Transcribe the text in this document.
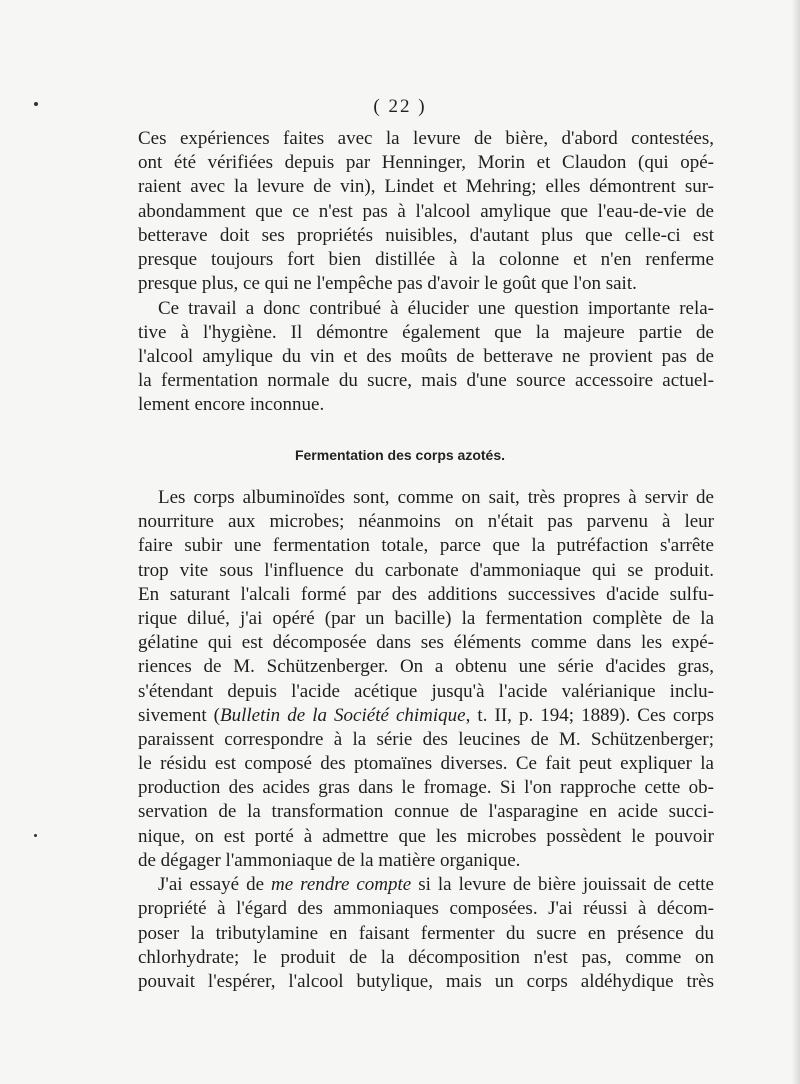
( 22 )
Ces expériences faites avec la levure de bière, d'abord contestées,
ont été vérifiées depuis par Henninger, Morin et Claudon (qui opé-
raient avec la levure de vin), Lindet et Mehring; elles démontrent sur-
abondamment que ce n'est pas à l'alcool amylique que l'eau-de-vie de
betterave doit ses propriétés nuisibles, d'autant plus que celle-ci est
presque toujours fort bien distillée à la colonne et n'en renferme
presque plus, ce qui ne l'empêche pas d'avoir le goût que l'on sait.
Ce travail a donc contribué à élucider une question importante rela-
tive à l'hygiène. Il démontre également que la majeure partie de
l'alcool amylique du vin et des moûts de betterave ne provient pas de
la fermentation normale du sucre, mais d'une source accessoire actuel-
lement encore inconnue.
Fermentation des corps azotés.
Les corps albuminoïdes sont, comme on sait, très propres à servir de
nourriture aux microbes; néanmoins on n'était pas parvenu à leur
faire subir une fermentation totale, parce que la putréfaction s'arrête
trop vite sous l'influence du carbonate d'ammoniaque qui se produit.
En saturant l'alcali formé par des additions successives d'acide sulfu-
rique dilué, j'ai opéré (par un bacille) la fermentation complète de la
gélatine qui est décomposée dans ses éléments comme dans les expé-
riences de M. Schützenberger. On a obtenu une série d'acides gras,
s'étendant depuis l'acide acétique jusqu'à l'acide valérianique inclu-
sivement (Bulletin de la Société chimique, t. II, p. 194; 1889). Ces corps
paraissent correspondre à la série des leucines de M. Schützenberger;
le résidu est composé des ptomaïnes diverses. Ce fait peut expliquer la
production des acides gras dans le fromage. Si l'on rapproche cette ob-
servation de la transformation connue de l'asparagine en acide succi-
nique, on est porté à admettre que les microbes possèdent le pouvoir
de dégager l'ammoniaque de la matière organique.
J'ai essayé de me rendre compte si la levure de bière jouissait de cette
propriété à l'égard des ammoniaques composées. J'ai réussi à décom-
poser la tributylamine en faisant fermenter du sucre en présence du
chlorhydrate; le produit de la décomposition n'est pas, comme on
pouvait l'espérer, l'alcool butylique, mais un corps aldéhydique très
